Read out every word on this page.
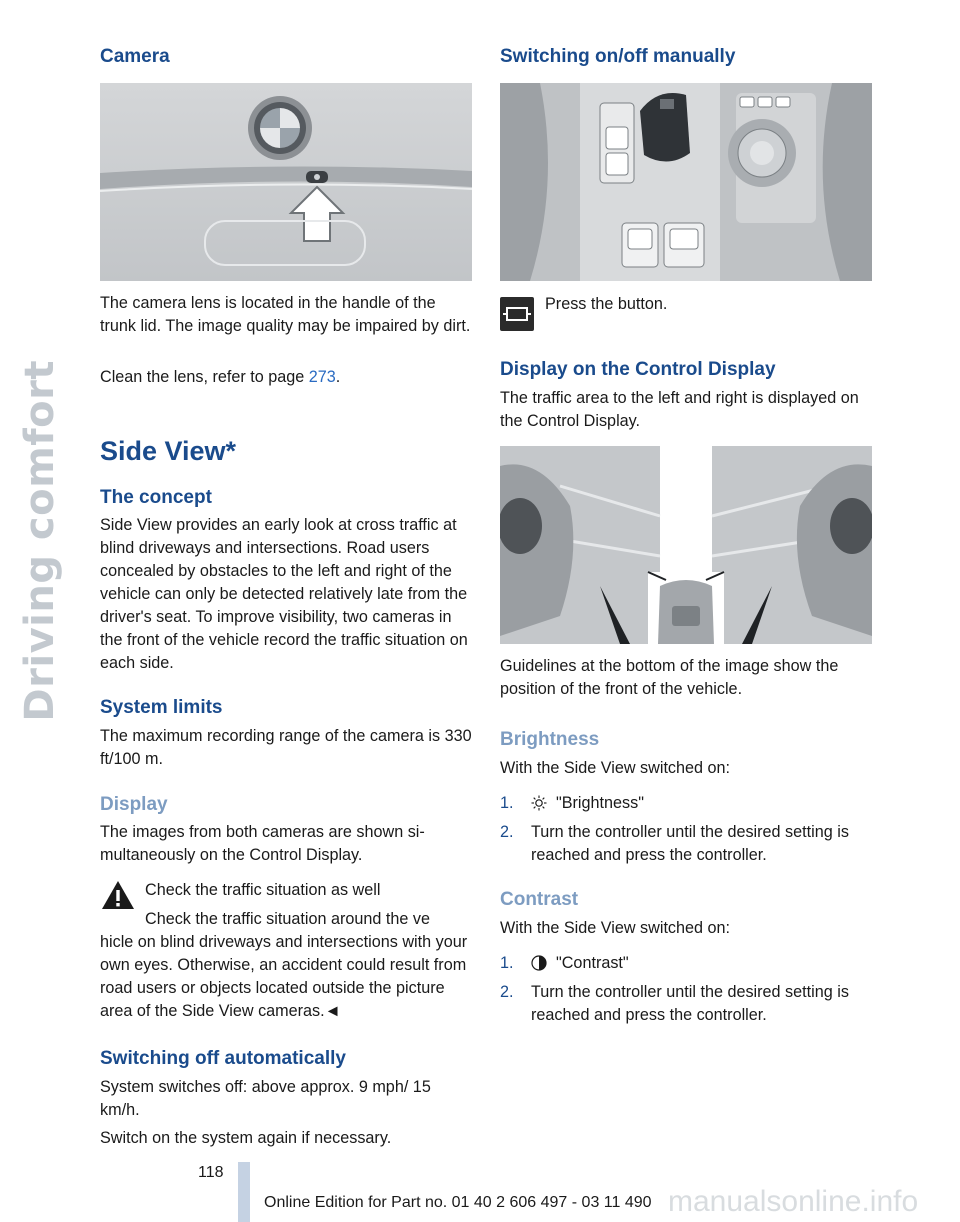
Driving comfort
Camera

The camera lens is located in the handle of the trunk lid. The image quality may be impaired by dirt.

Clean the lens, refer to page 273.

Side View*
The concept

Side View provides an early look at cross traffic at blind driveways and intersections. Road users concealed by obstacles to the left and right of the vehicle can only be detected relatively late from the driver's seat. To improve visibility, two cameras in the front of the vehicle record the traffic situation on each side.

System limits

The maximum recording range of the camera is 330 ft/100 m.

Display

The images from both cameras are shown simultaneously on the Control Display.

Check the traffic situation as well

Check the traffic situation around the ve

hicle on blind driveways and intersections with your own eyes. Otherwise, an accident could result from road users or objects located outside the picture area of the Side View cameras.◄

Switching off automatically

System switches off: above approx. 9 mph/ 15 km/h.

Switch on the system again if necessary.

Switching on/off manually

Press the button.

Display on the Control Display

The traffic area to the left and right is displayed on the Control Display.

Guidelines at the bottom of the image show the position of the front of the vehicle.

Brightness

With the Side View switched on:

1.	"Brightness"
2. Turn the controller until the desired setting is reached and press the controller.
Contrast

With the Side View switched on:

1.	"Contrast"
2. Turn the controller until the desired setting is reached and press the controller.
118
Online Edition for Part no. 01 40 2 606 497 - 03 11 490 manualsonline.info
